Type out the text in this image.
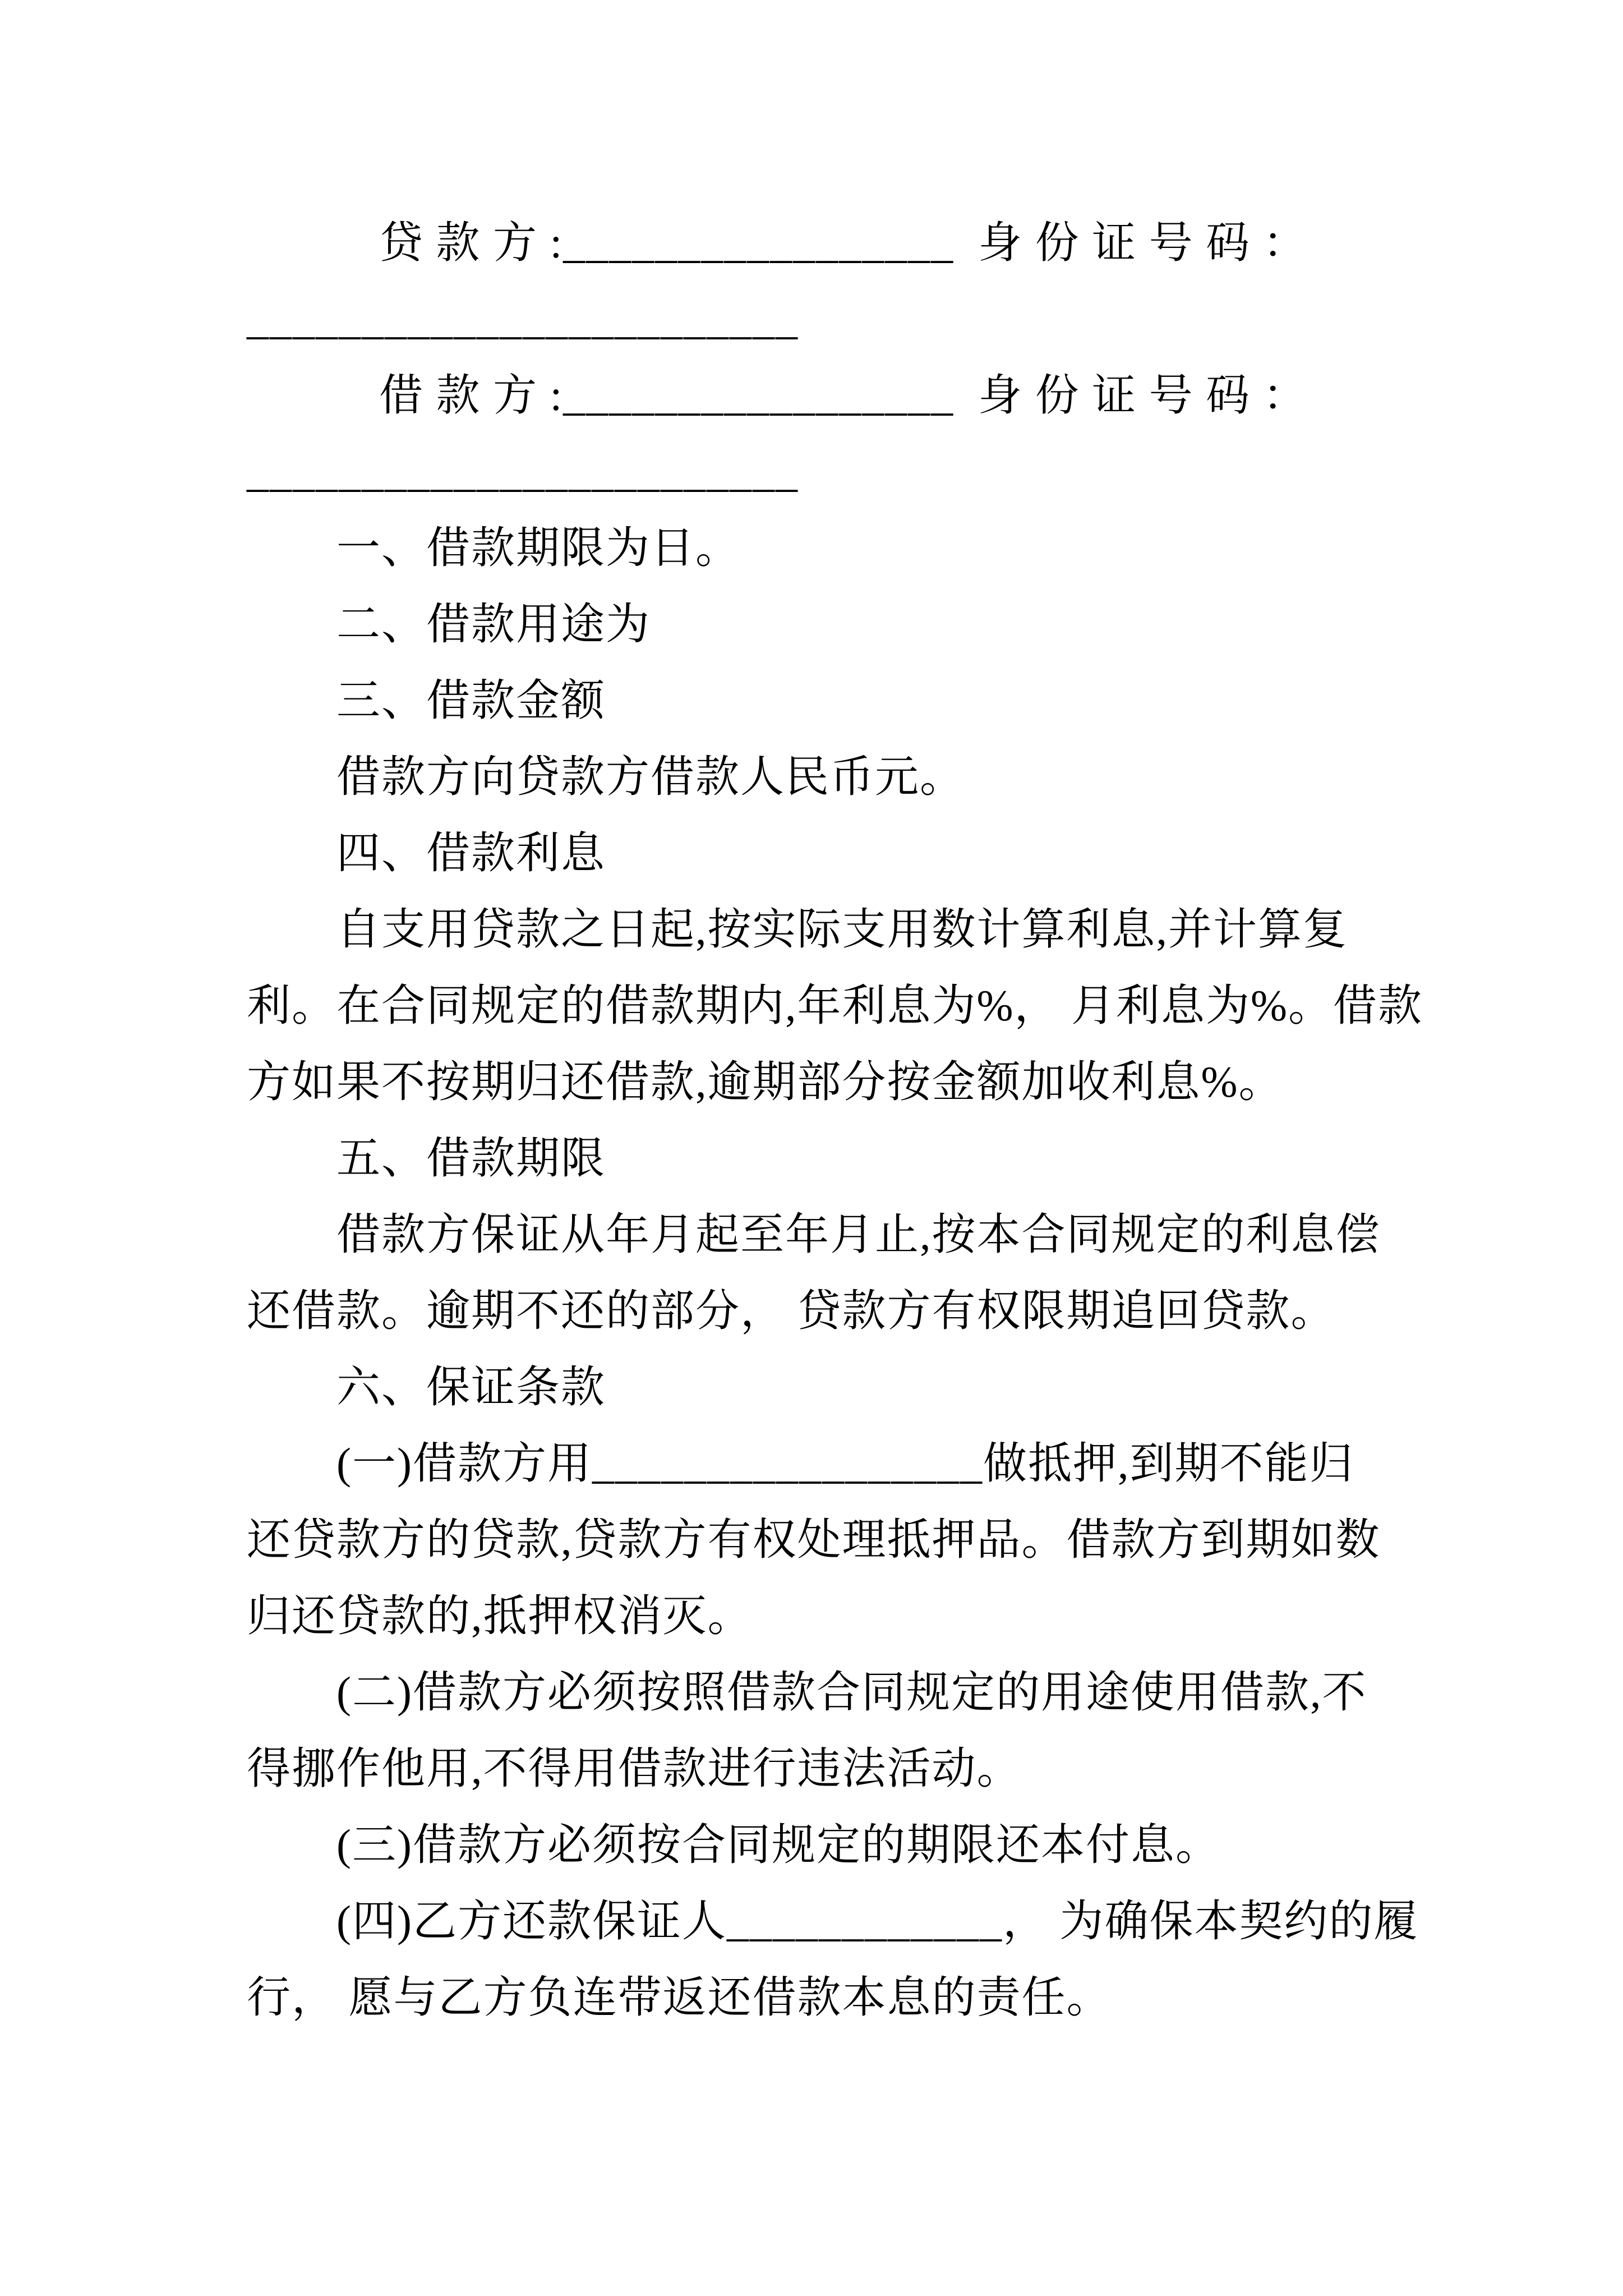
贷 款 方 :_________________  身 份 证 号 码 ：

________________________

借 款 方 :_________________  身 份 证 号 码 ：

________________________

一、借款期限为日。

二、借款用途为

三、借款金额

借款方向贷款方借款人民币元。

四、借款利息

自支用贷款之日起,按实际支用数计算利息,并计算复

利。在合同规定的借款期内,年利息为%， 月利息为%。借款

方如果不按期归还借款,逾期部分按金额加收利息%。

五、借款期限

借款方保证从年月起至年月止,按本合同规定的利息偿

还借款。逾期不还的部分， 贷款方有权限期追回贷款。

六、保证条款

(一)借款方用_________________做抵押,到期不能归

还贷款方的贷款,贷款方有权处理抵押品。借款方到期如数

归还贷款的,抵押权消灭。

(二)借款方必须按照借款合同规定的用途使用借款,不

得挪作他用,不得用借款进行违法活动。

(三)借款方必须按合同规定的期限还本付息。

(四)乙方还款保证人____________， 为确保本契约的履

行， 愿与乙方负连带返还借款本息的责任。
